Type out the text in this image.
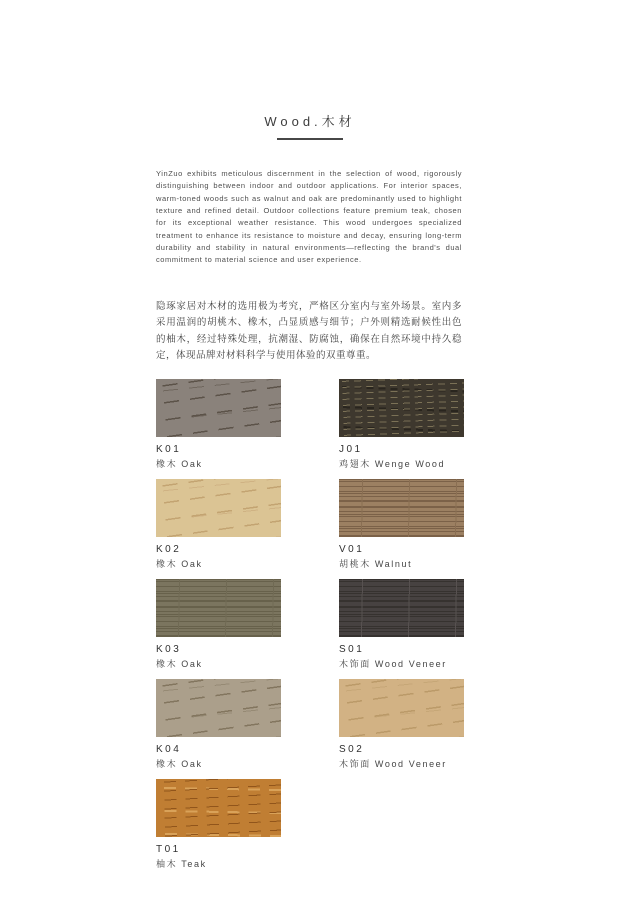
Wood.木材
YinZuo exhibits meticulous discernment in the selection of wood, rigorously distinguishing between indoor and outdoor applications. For interior spaces, warm-toned woods such as walnut and oak are predominantly used to highlight texture and refined detail. Outdoor collections feature premium teak, chosen for its exceptional weather resistance. This wood undergoes specialized treatment to enhance its resistance to moisture and decay, ensuring long-term durability and stability in natural environments—reflecting the brand's dual commitment to material science and user experience.
隐琢家居对木材的选用极为考究，严格区分室内与室外场景。室内多采用温润的胡桃木、橡木，凸显质感与细节；户外则精选耐候性出色的柚木，经过特殊处理，抗潮湿、防腐蚀，确保在自然环境中持久稳定，体现品牌对材料科学与使用体验的双重尊重。
K01
橡木 Oak
J01
鸡翅木 Wenge Wood
K02
橡木 Oak
V01
胡桃木 Walnut
K03
橡木 Oak
S01
木饰面 Wood Veneer
K04
橡木 Oak
S02
木饰面 Wood Veneer
T01
柚木 Teak
